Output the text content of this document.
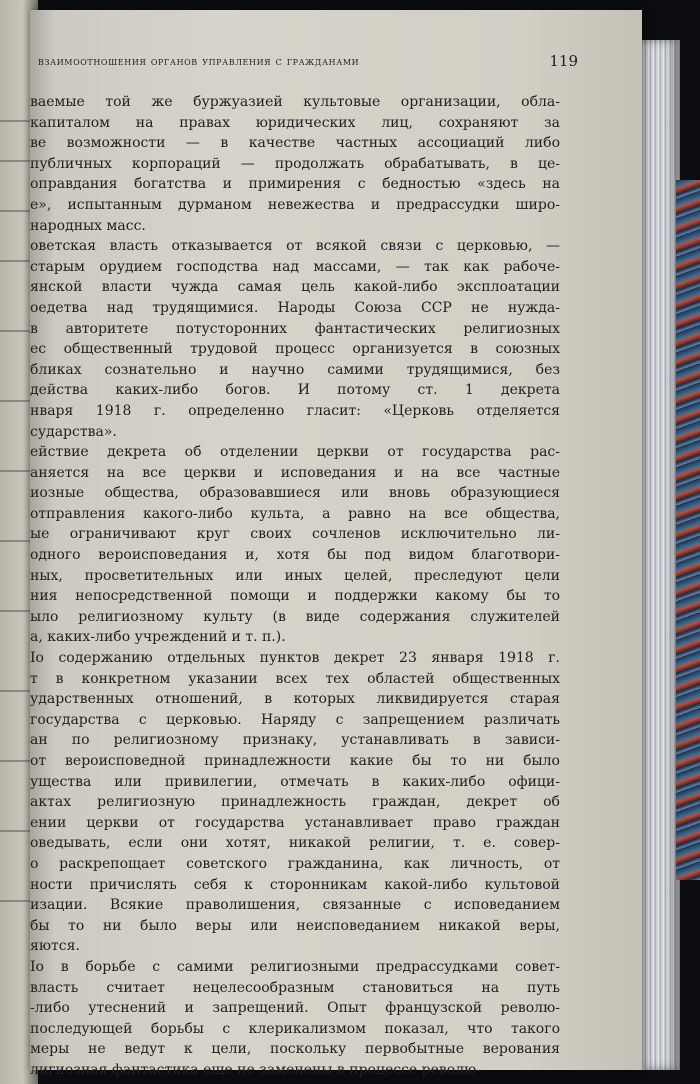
взаимоотношения органов управления с гражданами	119
ваемые той же буржуазией культовые организации, обла-
капиталом на правах юридических лиц, сохраняют за
ве возможности — в качестве частных ассоциаций либо
публичных корпораций — продолжать обрабатывать, в це-
оправдания богатства и примирения с бедностью «здесь на
е», испытанным дурманом невежества и предрассудки широ-
народных масс.
оветская власть отказывается от всякой связи с церковью, —
старым орудием господства над массами, — так как рабоче-
янской власти чужда самая цель какой-либо эксплоатации
оедетва над трудящимися. Народы Союза ССР не нужда-
в авторитете потусторонних фантастических религиозных
ес общественный трудовой процесс организуется в союзных
бликах сознательно и научно самими трудящимися, без
действа каких-либо богов. И потому ст. 1 декрета
нваря 1918 г. определенно гласит: «Церковь отделяется
сударства».
ействие декрета об отделении церкви от государства рас-
аняется на все церкви и исповедания и на все частные
иозные общества, образовавшиеся или вновь образующиеся
отправления какого-либо культа, а равно на все общества,
ые ограничивают круг своих сочленов исключительно ли-
одного вероисповедания и, хотя бы под видом благотвори-
ных, просветительных или иных целей, преследуют цели
ния непосредственной помощи и поддержки какому бы то
ыло религиозному культу (в виде содержания служителей
а, каких-либо учреждений и т. п.).
Іо содержанию отдельных пунктов декрет 23 января 1918 г.
т в конкретном указании всех тех областей общественных
ударственных отношений, в которых ликвидируется старая
государства с церковью. Наряду с запрещением различать
ан по религиозному признаку, устанавливать в зависи-
от вероисповедной принадлежности какие бы то ни было
ущества или привилегии, отмечать в каких-либо офици-
актах религиозную принадлежность граждан, декрет об
ении церкви от государства устанавливает право граждан
оведывать, если они хотят, никакой религии, т. е. совер-
о раскрепощает советского гражданина, как личность, от
ности причислять себя к сторонникам какой-либо культовой
изации. Всякие праволишения, связанные с исповеданием
бы то ни было веры или неисповеданием никакой веры,
яются.
Іо в борьбе с самими религиозными предрассудками совет-
власть считает нецелесообразным становиться на путь
-либо утеснений и запрещений. Опыт французской револю-
последующей борьбы с клерикализмом показал, что такого
меры не ведут к цели, поскольку первобытные верования
лигиозная фантастика еще не заменены в процессе револю-
